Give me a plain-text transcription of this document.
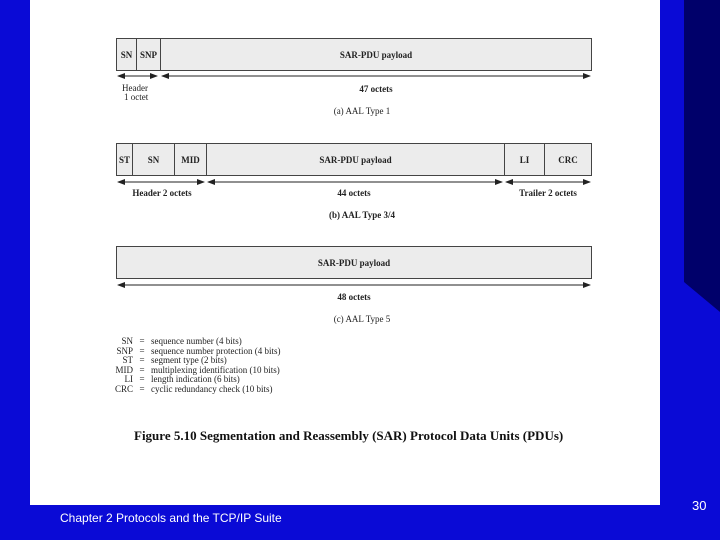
SN SNP	SAR-PDU payload
ST	SN	MID	SAR-PDU payload	LI	CRC
SAR-PDU payload
Header
1 octet
47 octets
(a) AAL Type 1
Header 2 octets	44 octets	Trailer 2 octets
(b) AAL Type 3/4
48 octets
(c) AAL Type 5
SN = sequence number (4 bits)
SNP = sequence number protection (4 bits)
ST = segment type (2 bits)
MID = multiplexing identification (10 bits)
LI = length indication (6 bits)
CRC = cyclic redundancy check (10 bits)
Figure 5.10 Segmentation and Reassembly (SAR) Protocol Data Units (PDUs)
Chapter 2 Protocols and the TCP/IP Suite
30
